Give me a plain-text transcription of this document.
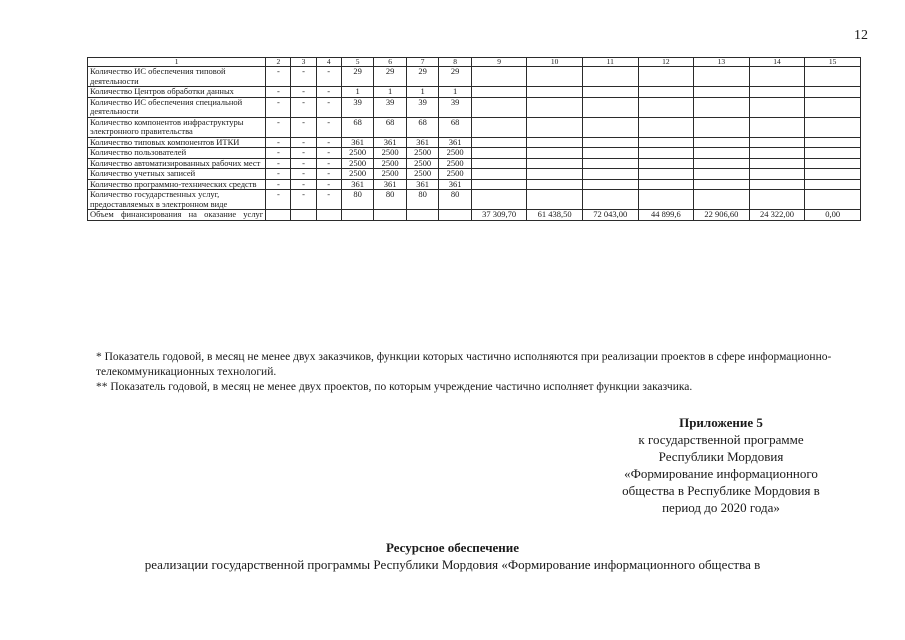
12
1	2	3	4	5	6	7	8	9	10	11	12	13	14	15
Количество ИС обеспечения типовой деятельности	-	-	-	29	29	29	29							
Количество Центров обработки данных	-	-	-	1	1	1	1							
Количество ИС обеспечения специальной деятельности	-	-	-	39	39	39	39							
Количество компонентов инфраструктуры электронного правительства	-	-	-	68	68	68	68							
Количество типовых компонентов ИТКИ	-	-	-	361	361	361	361							
Количество пользователей	-	-	-	2500	2500	2500	2500							
Количество автоматизированных рабочих мест	-	-	-	2500	2500	2500	2500							
Количество учетных записей	-	-	-	2500	2500	2500	2500							
Количество программно-технических средств	-	-	-	361	361	361	361							
Количество государственных услуг, предоставляемых в электронном виде	-	-	-	80	80	80	80							
Объем финансирования на оказание услуг								37 309,70	61 438,50	72 043,00	44 899,6	22 906,60	24 322,00	0,00

* Показатель годовой, в месяц не менее двух заказчиков, функции которых частично исполняются при реализации проектов в сфере информационно-телекоммуникационных технологий.

** Показатель годовой, в месяц не менее двух проектов, по которым учреждение частично исполняет функции заказчика.

Приложение 5
к государственной программе
Республики Мордовия
«Формирование информационного
общества в Республике Мордовия в
период до 2020 года»
Ресурсное обеспечение
реализации государственной программы Республики Мордовия «Формирование информационного общества в
